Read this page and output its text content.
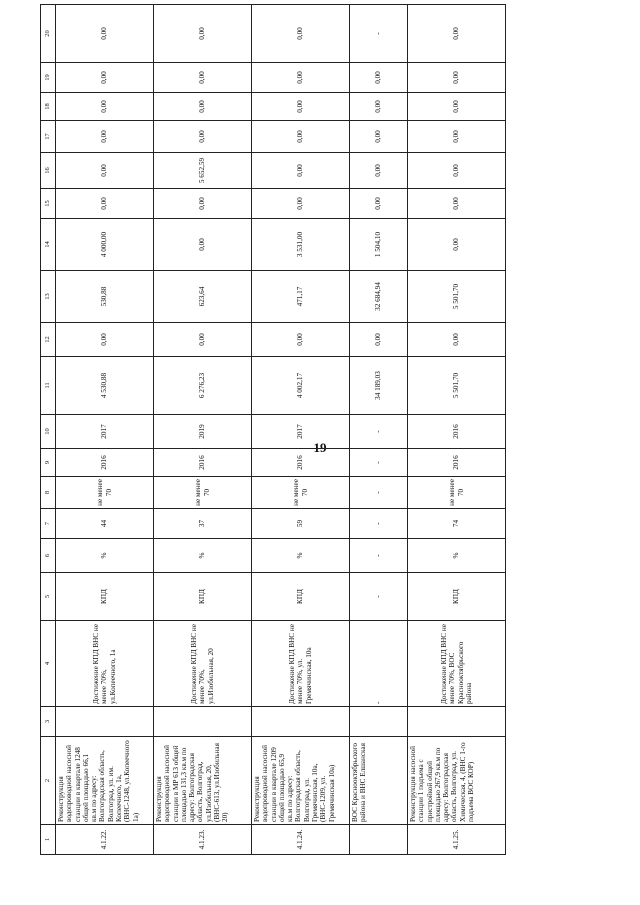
19
1	2	3	4	5	6	7	8	9	10	11	12	13	14	15	16	17	18	19	20
4.1.22.	Реконструкция водопроводной насосной станции в квартале 1248 общей площадью 66,1 кв.м по адресу: Волгоградская область, Волгоград, ул. им. Копеечного, 1а, (ВНС-1248, ул.Копеечного 1а)		Достижение КПД ВНС не менее 70%, ул.Копеечного, 1а	КПД	%	44	не менее 70	2016	2017	4 530,88	0,00	530,88	4 000,00	0,00	0,00	0,00	0,00	0,00	0,00
4.1.23.	Реконструкция водопроводной насосной станции в МР 613 общей площадью 131,3 кв.м по адресу: Волгоградская область, Волгоград, ул.Изобильная, 20, (ВНС-613, ул.Изобильная 20)		Достижение КПД ВНС не менее 70%, ул.Изобильная, 20	КПД	%	37	не менее 70	2016	2019	6 276,23	0,00	623,64	0,00	0,00	5 652,59	0,00	0,00	0,00	0,00
4.1.24.	Реконструкция водопроводной насосной станции в квартале 1209 общей площадью 65,9 кв.м по адресу: Волгоградская область, Волгоград, ул. Гремячинская, 10а, (ВНС-1209, ул. Гремячинская 10а)		Достижение КПД ВНС не менее 70%, ул. Гремячинская, 10а	КПД	%	59	не менее 70	2016	2017	4 002,17	0,00	471,17	3 531,00	0,00	0,00	0,00	0,00	0,00	0,00
	ВОС Краснооктябрьского района и ВНС Елшанская		-	-	-	-	-	-	-	34 189,03	0,00	32 684,94	1 504,10	0,00	0,00	0,00	0,00	0,00	-
4.1.25.	Реконструкция насосной станции 1 подъема с пристройкой общей площадью 267,9 кв.м по адресу: Волгоградская область, Волгоград, ул. Химическая, 4, (ВНС 1-го подъема ВОС КОР)		Достижение КПД ВНС не менее 70%, ВОС Краснооктябрьского района	КПД	%	74	не менее 70	2016	2016	5 501,70	0,00	5 501,70	0,00	0,00	0,00	0,00	0,00	0,00	0,00
